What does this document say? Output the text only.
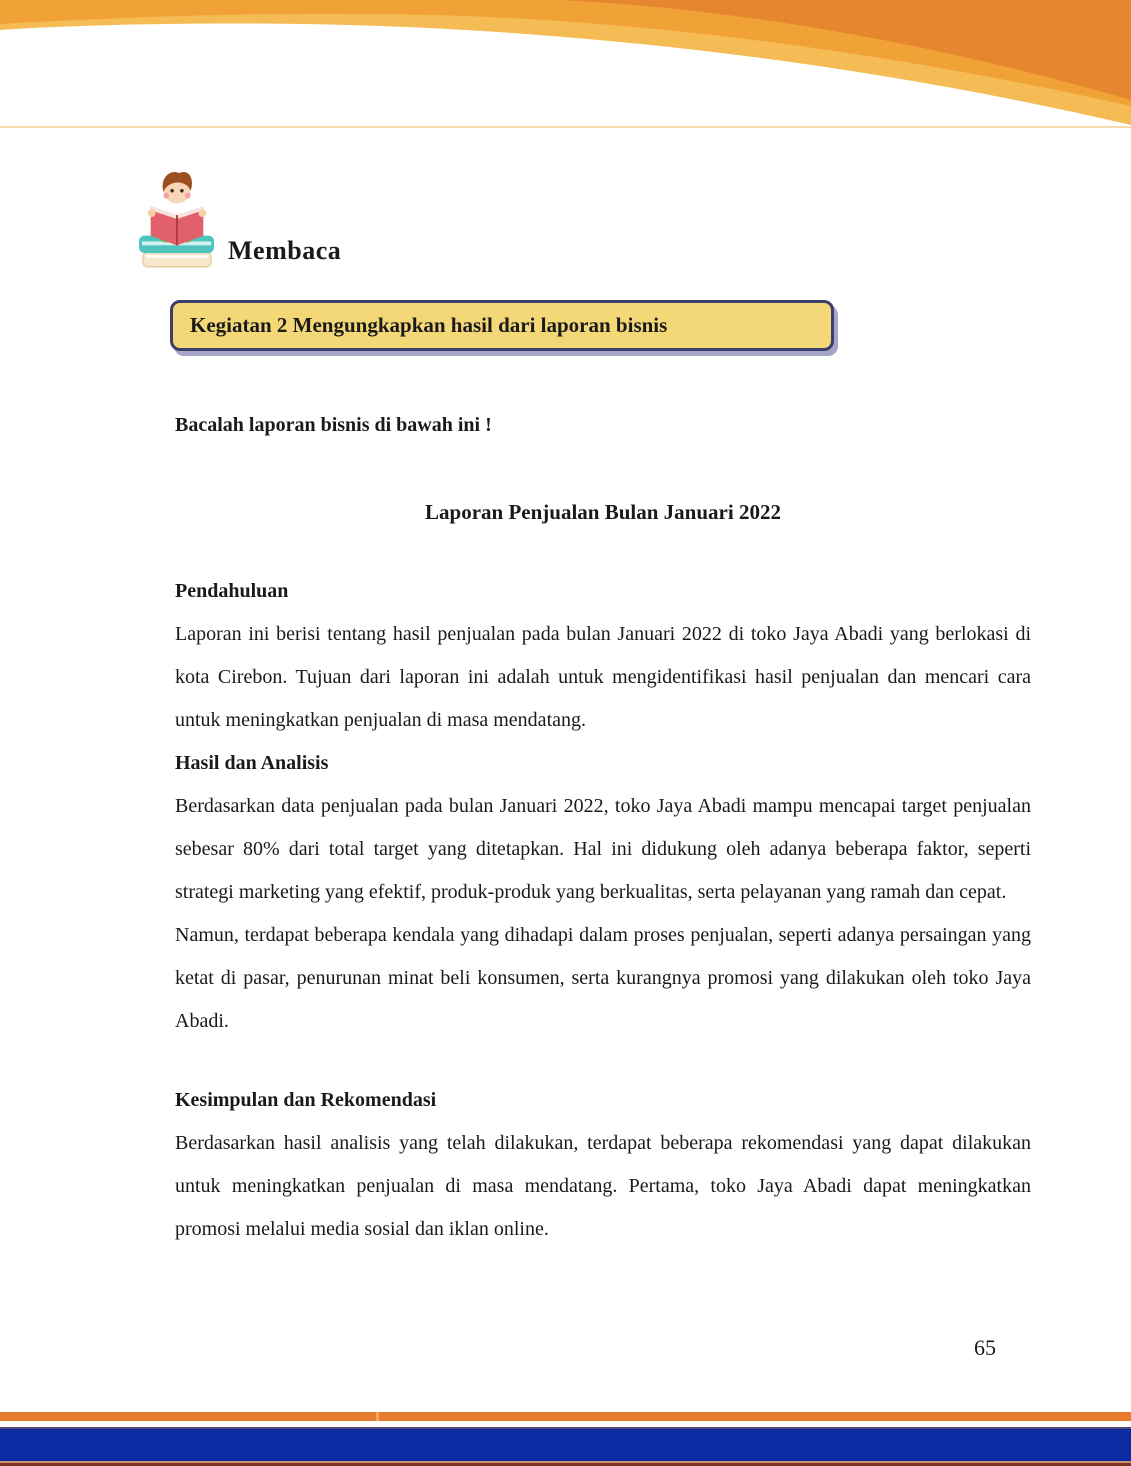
Membaca
Kegiatan 2 Mengungkapkan hasil dari laporan bisnis

Bacalah laporan bisnis di bawah ini !

Laporan Penjualan Bulan Januari 2022
Pendahuluan

Laporan ini berisi tentang hasil penjualan pada bulan Januari 2022 di toko Jaya Abadi yang berlokasi di kota Cirebon. Tujuan dari laporan ini adalah untuk mengidentifikasi hasil penjualan dan mencari cara untuk meningkatkan penjualan di masa mendatang.

Hasil dan Analisis

Berdasarkan data penjualan pada bulan Januari 2022, toko Jaya Abadi mampu mencapai target penjualan sebesar 80% dari total target yang ditetapkan. Hal ini didukung oleh adanya beberapa faktor, seperti strategi marketing yang efektif, produk-produk yang berkualitas, serta pelayanan yang ramah dan cepat.

Namun, terdapat beberapa kendala yang dihadapi dalam proses penjualan, seperti adanya persaingan yang ketat di pasar, penurunan minat beli konsumen, serta kurangnya promosi yang dilakukan oleh toko Jaya Abadi.

Kesimpulan dan Rekomendasi

Berdasarkan hasil analisis yang telah dilakukan, terdapat beberapa rekomendasi yang dapat dilakukan untuk meningkatkan penjualan di masa mendatang. Pertama, toko Jaya Abadi dapat meningkatkan promosi melalui media sosial dan iklan online.

65
